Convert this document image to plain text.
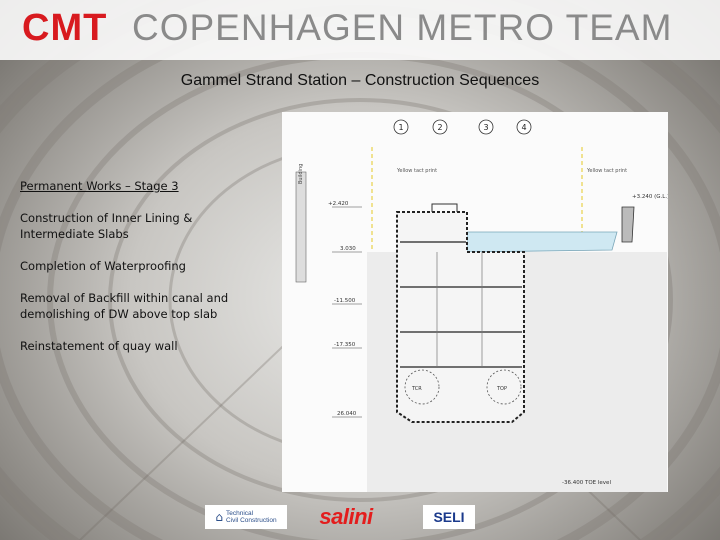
CMT COPENHAGEN METRO TEAM
Gammel Strand Station – Construction Sequences

Permanent Works – Stage 3

Construction of Inner Lining & Intermediate Slabs

Completion of Waterproofing

Removal of Backfill within canal and demolishing of DW above top slab

Reinstatement of quay wall

1	2	3	4
Yellow tact print	Yellow tact print
Building
TCR	TOP
+2.420
3.030
-11.500
-17.350
26.040
+3.240 (G.L.)
-36.400 TOE level
⌂ Technical
Civil Construction salini	SELI
